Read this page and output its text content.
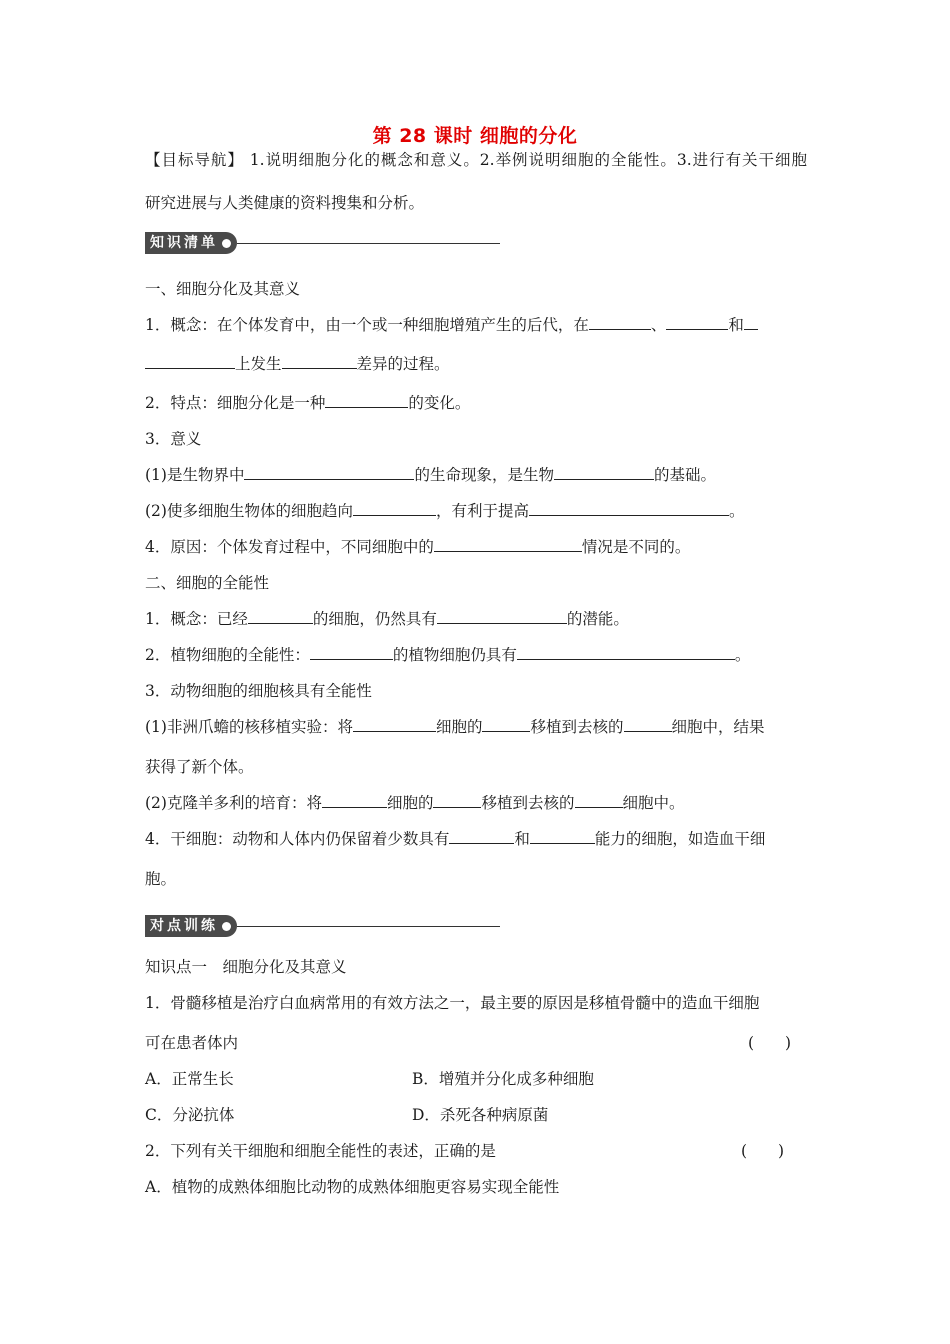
第 28 课时 细胞的分化
【目标导航】 1.说明细胞分化的概念和意义。2.举例说明细胞的全能性。3.进行有关干细胞
研究进展与人类健康的资料搜集和分析。
知识清单
一、细胞分化及其意义
1．概念：在个体发育中，由一个或一种细胞增殖产生的后代，在	、	和
上发生	差异的过程。
2．特点：细胞分化是一种	的变化。
3．意义
(1)是生物界中	的生命现象，是生物	的基础。
(2)使多细胞生物体的细胞趋向	，有利于提高	。
4．原因：个体发育过程中，不同细胞中的	情况是不同的。
二、细胞的全能性
1．概念：已经	的细胞，仍然具有	的潜能。
2．植物细胞的全能性：	的植物细胞仍具有	。
3．动物细胞的细胞核具有全能性
(1)非洲爪蟾的核移植实验：将	细胞的	移植到去核的	细胞中，结果
获得了新个体。
(2)克隆羊多利的培育：将	细胞的	移植到去核的	细胞中。
4．干细胞：动物和人体内仍保留着少数具有	和	能力的细胞，如造血干细
胞。
对点训练
知识点一　细胞分化及其意义
1．骨髓移植是治疗白血病常用的有效方法之一，最主要的原因是移植骨髓中的造血干细胞
可在患者体内	(　　)
A．正常生长	B．增殖并分化成多种细胞
C．分泌抗体	D．杀死各种病原菌
2．下列有关干细胞和细胞全能性的表述，正确的是	(　　)
A．植物的成熟体细胞比动物的成熟体细胞更容易实现全能性
